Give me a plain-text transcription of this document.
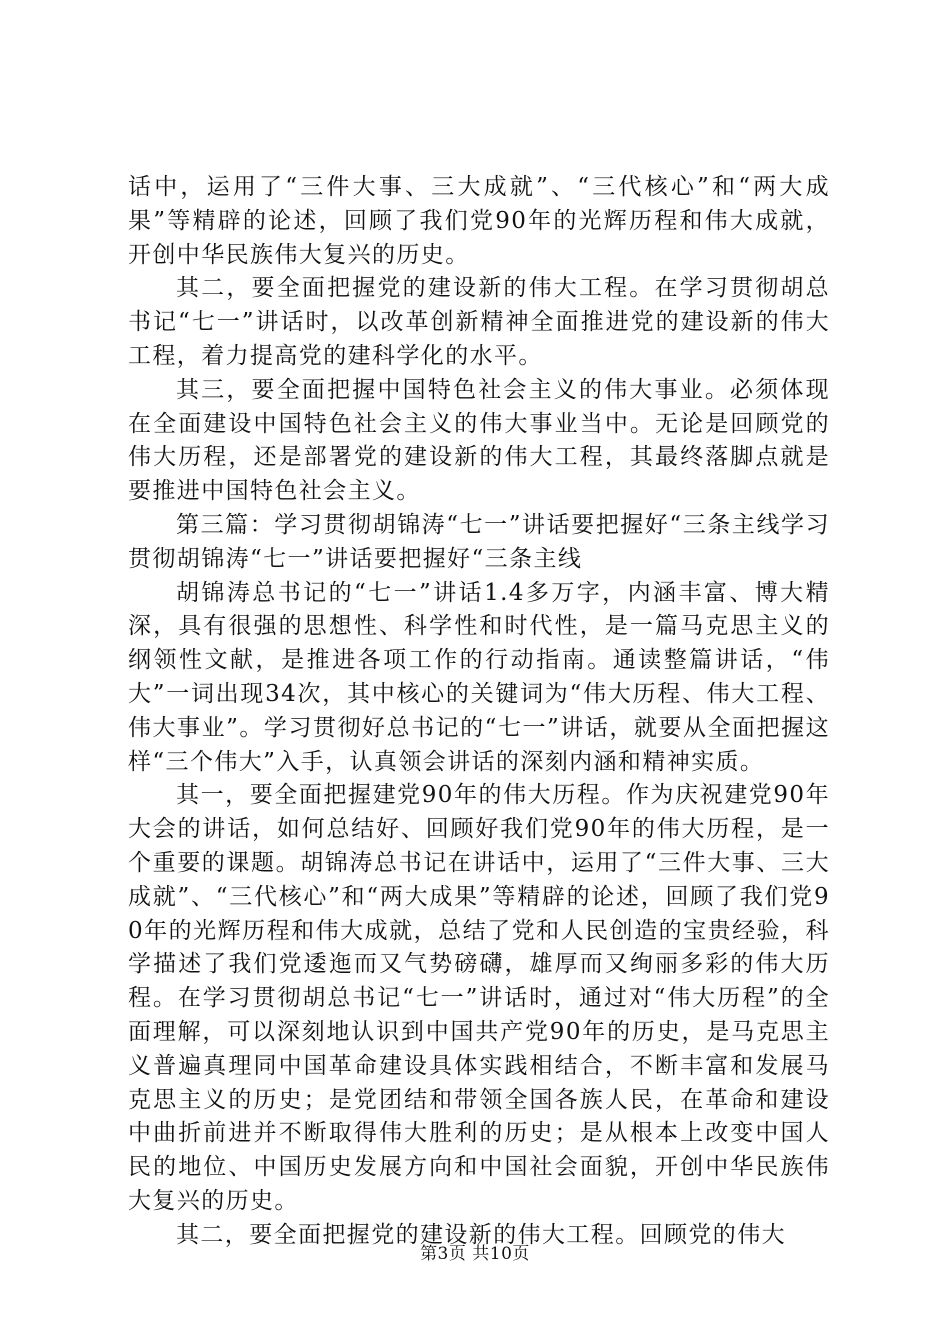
话中，运用了“三件大事、三大成就”、“三代核心”和“两大成果”等精辟的论述，回顾了我们党90年的光辉历程和伟大成就，开创中华民族伟大复兴的历史。

其二，要全面把握党的建设新的伟大工程。在学习贯彻胡总书记“七一”讲话时，以改革创新精神全面推进党的建设新的伟大工程，着力提高党的建科学化的水平。

其三，要全面把握中国特色社会主义的伟大事业。必须体现在全面建设中国特色社会主义的伟大事业当中。无论是回顾党的伟大历程，还是部署党的建设新的伟大工程，其最终落脚点就是要推进中国特色社会主义。

第三篇：学习贯彻胡锦涛“七一”讲话要把握好“三条主线学习贯彻胡锦涛“七一”讲话要把握好“三条主线

胡锦涛总书记的“七一”讲话1.4多万字，内涵丰富、博大精深，具有很强的思想性、科学性和时代性，是一篇马克思主义的纲领性文献，是推进各项工作的行动指南。通读整篇讲话，“伟大”一词出现34次，其中核心的关键词为“伟大历程、伟大工程、伟大事业”。学习贯彻好总书记的“七一”讲话，就要从全面把握这样“三个伟大”入手，认真领会讲话的深刻内涵和精神实质。

其一，要全面把握建党90年的伟大历程。作为庆祝建党90年大会的讲话，如何总结好、回顾好我们党90年的伟大历程，是一个重要的课题。胡锦涛总书记在讲话中，运用了“三件大事、三大成就”、“三代核心”和“两大成果”等精辟的论述，回顾了我们党90年的光辉历程和伟大成就，总结了党和人民创造的宝贵经验，科学描述了我们党逶迤而又气势磅礴，雄厚而又绚丽多彩的伟大历程。在学习贯彻胡总书记“七一”讲话时，通过对“伟大历程”的全面理解，可以深刻地认识到中国共产党90年的历史，是马克思主义普遍真理同中国革命建设具体实践相结合，不断丰富和发展马克思主义的历史；是党团结和带领全国各族人民，在革命和建设中曲折前进并不断取得伟大胜利的历史；是从根本上改变中国人民的地位、中国历史发展方向和中国社会面貌，开创中华民族伟大复兴的历史。

其二，要全面把握党的建设新的伟大工程。回顾党的伟大

第3页 共10页
